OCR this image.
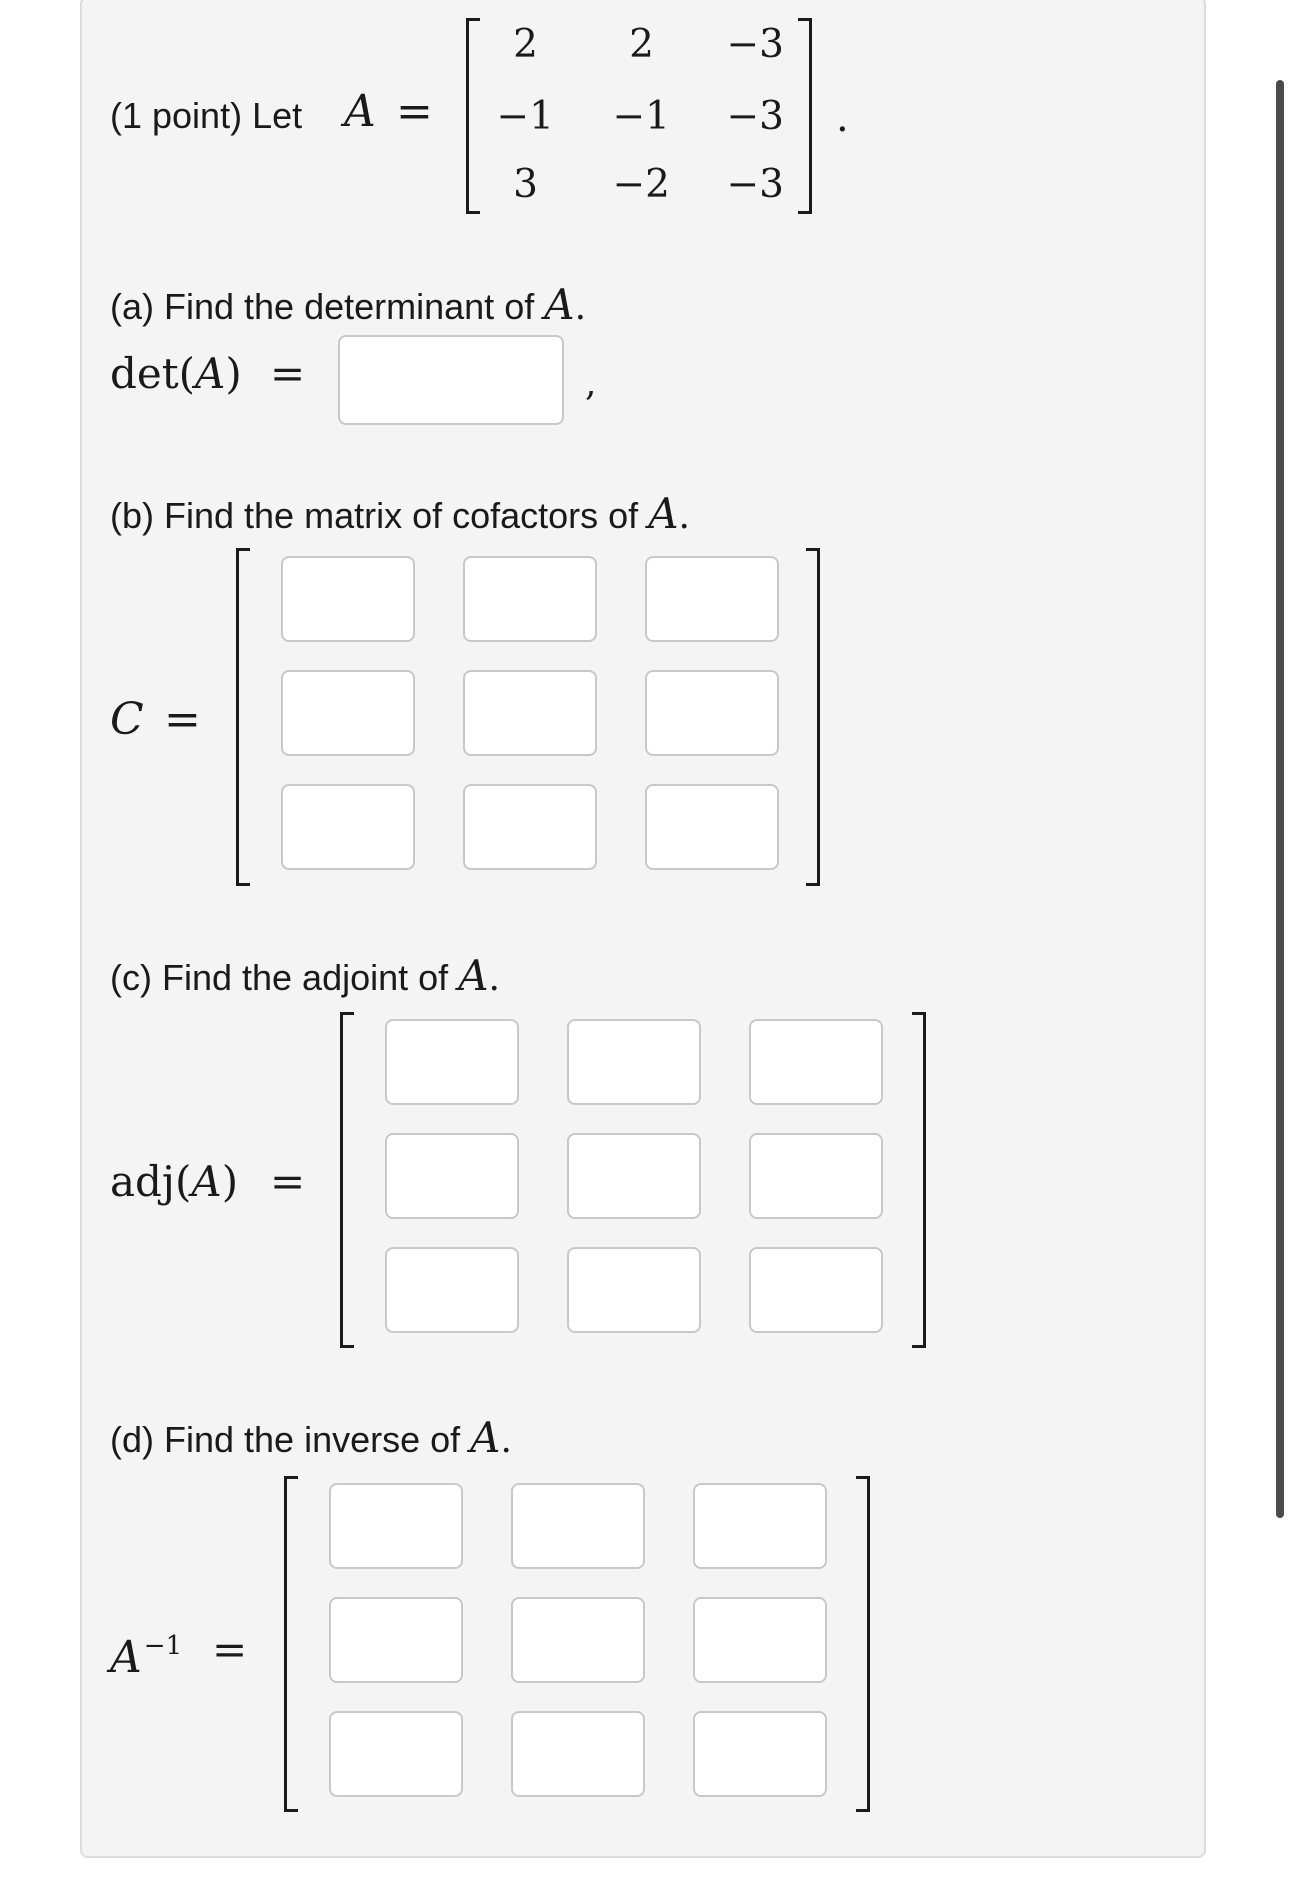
(1 point) Let A =
2	2	−3
−1	−1	−3
3	−2	−3
.
(a) Find the determinant of A.
det(A) =	,
(b) Find the matrix of cofactors of A.
C =
(c) Find the adjoint of A.
adj(A) =
(d) Find the inverse of A.
$A^{-1}$ =
